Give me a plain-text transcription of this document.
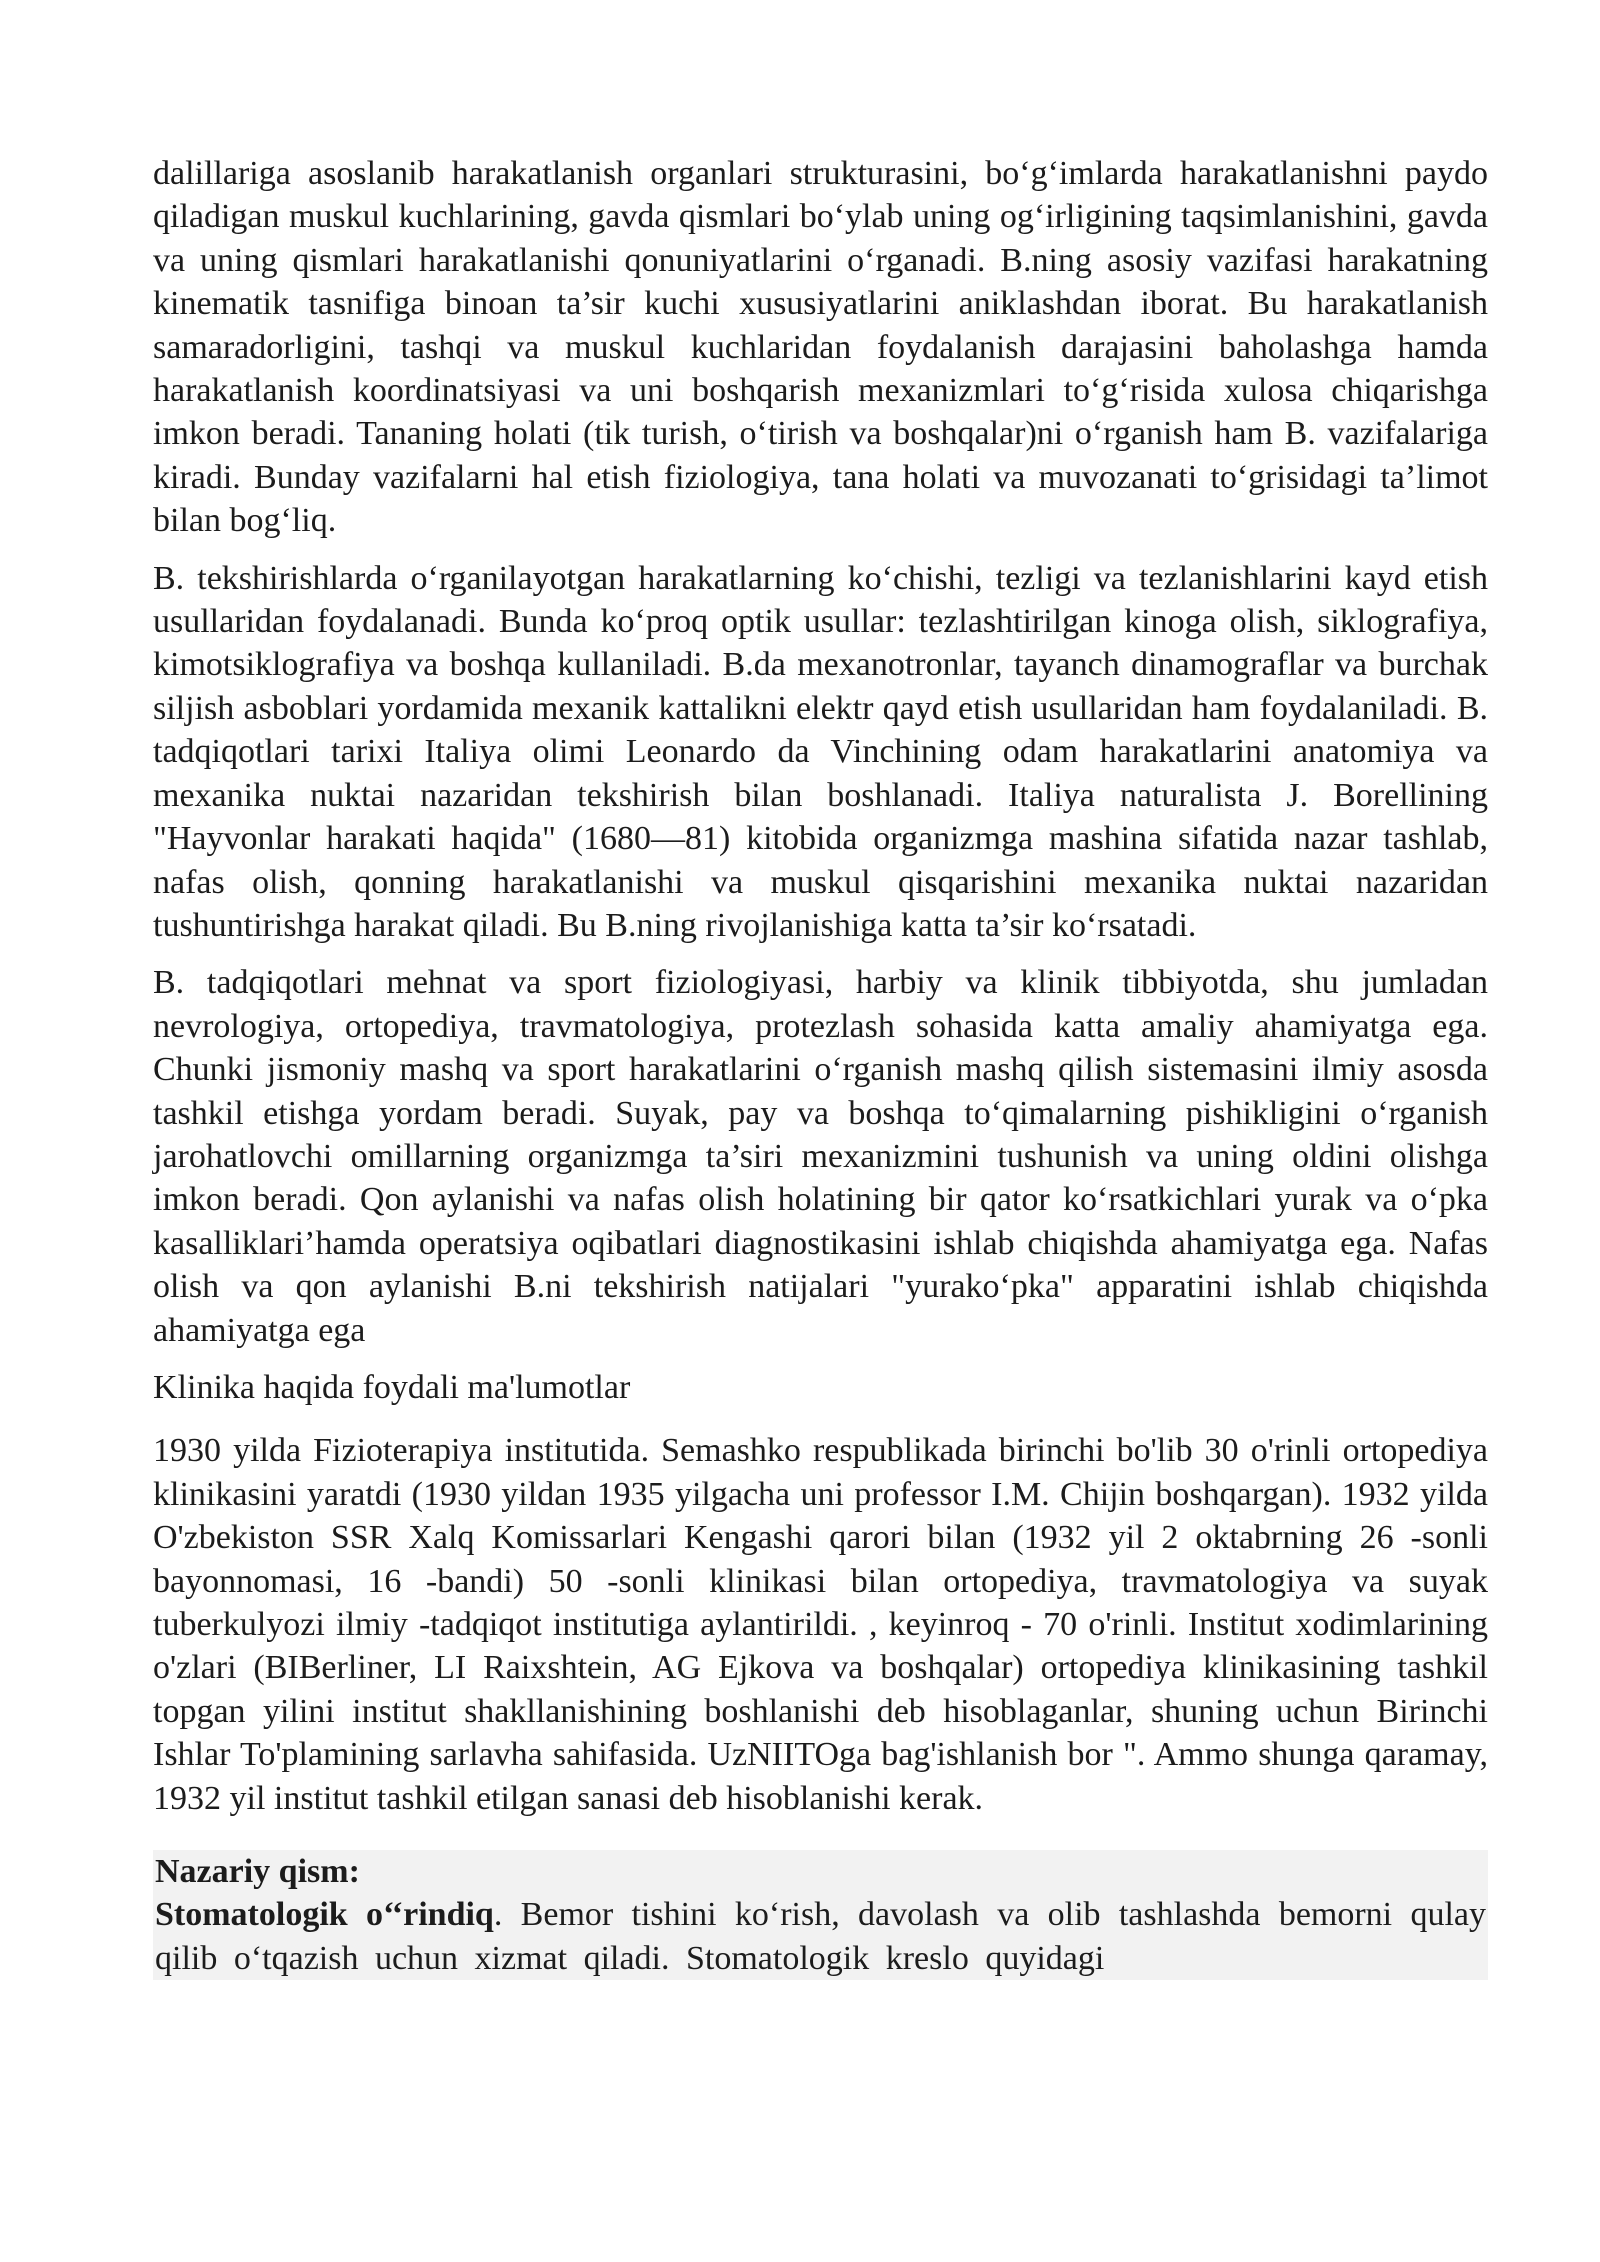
dalillariga asoslanib harakatlanish organlari strukturasini, bo‘g‘imlarda harakatlanishni paydo qiladigan muskul kuchlarining, gavda qismlari bo‘ylab uning og‘irligining taqsimlanishini, gavda va uning qismlari harakatlanishi qonuniyatlarini o‘rganadi. B.ning asosiy vazifasi harakatning kinematik tasnifiga binoan ta’sir kuchi xususiyatlarini aniklashdan iborat. Bu harakatlanish samaradorligini, tashqi va muskul kuchlaridan foydalanish darajasini baholashga hamda harakatlanish koordinatsiyasi va uni boshqarish mexanizmlari to‘g‘risida xulosa chiqarishga imkon beradi. Tananing holati (tik turish, o‘tirish va boshqalar)ni o‘rganish ham B. vazifalariga kiradi. Bunday vazifalarni hal etish fiziologiya, tana holati va muvozanati to‘grisidagi ta’limot bilan bog‘liq.

B. tekshirishlarda o‘rganilayotgan harakatlarning ko‘chishi, tezligi va tezlanishlarini kayd etish usullaridan foydalanadi. Bunda ko‘proq optik usullar: tezlashtirilgan kinoga olish, siklografiya, kimotsiklografiya va boshqa kullaniladi. B.da mexanotronlar, tayanch dinamograflar va burchak siljish asboblari yordamida mexanik kattalikni elektr qayd etish usullaridan ham foydalaniladi. B. tadqiqotlari tarixi Italiya olimi Leonardo da Vinchining odam harakatlarini anatomiya va mexanika nuktai nazaridan tekshirish bilan boshlanadi. Italiya naturalista J. Borellining "Hayvonlar harakati haqida" (1680—81) kitobida organizmga mashina sifatida nazar tashlab, nafas olish, qonning harakatlanishi va muskul qisqarishini mexanika nuktai nazaridan tushuntirishga harakat qiladi. Bu B.ning rivojlanishiga katta ta’sir ko‘rsatadi.

B. tadqiqotlari mehnat va sport fiziologiyasi, harbiy va klinik tibbiyotda, shu jumladan nevrologiya, ortopediya, travmatologiya, protezlash sohasida katta amaliy ahamiyatga ega. Chunki jismoniy mashq va sport harakatlarini o‘rganish mashq qilish sistemasini ilmiy asosda tashkil etishga yordam beradi. Suyak, pay va boshqa to‘qimalarning pishikligini o‘rganish jarohatlovchi omillarning organizmga ta’siri mexanizmini tushunish va uning oldini olishga imkon beradi. Qon aylanishi va nafas olish holatining bir qator ko‘rsatkichlari yurak va o‘pka kasalliklari’hamda operatsiya oqibatlari diagnostikasini ishlab chiqishda ahamiyatga ega. Nafas olish va qon aylanishi B.ni tekshirish natijalari "yurako‘pka" apparatini ishlab chiqishda ahamiyatga ega

Klinika haqida foydali ma'lumotlar

1930 yilda Fizioterapiya institutida. Semashko respublikada birinchi bo'lib 30 o'rinli ortopediya klinikasini yaratdi (1930 yildan 1935 yilgacha uni professor I.M. Chijin boshqargan). 1932 yilda O'zbekiston SSR Xalq Komissarlari Kengashi qarori bilan (1932 yil 2 oktabrning 26 -sonli bayonnomasi, 16 -bandi) 50 -sonli klinikasi bilan ortopediya, travmatologiya va suyak tuberkulyozi ilmiy -tadqiqot institutiga aylantirildi. , keyinroq - 70 o'rinli. Institut xodimlarining o'zlari (BIBerliner, LI Raixshtein, AG Ejkova va boshqalar) ortopediya klinikasining tashkil topgan yilini institut shakllanishining boshlanishi deb hisoblaganlar, shuning uchun Birinchi Ishlar To'plamining sarlavha sahifasida. UzNIITOga bag'ishlanish bor ". Ammo shunga qaramay, 1932 yil institut tashkil etilgan sanasi deb hisoblanishi kerak.

Nazariy qism:

Stomatologik o‘‘rindiq. Bemor tishini ko‘rish, davolash va olib tashlashda bemorni qulay qilib o‘tqazish uchun xizmat qiladi. Stomatologik kreslo quyidagi
